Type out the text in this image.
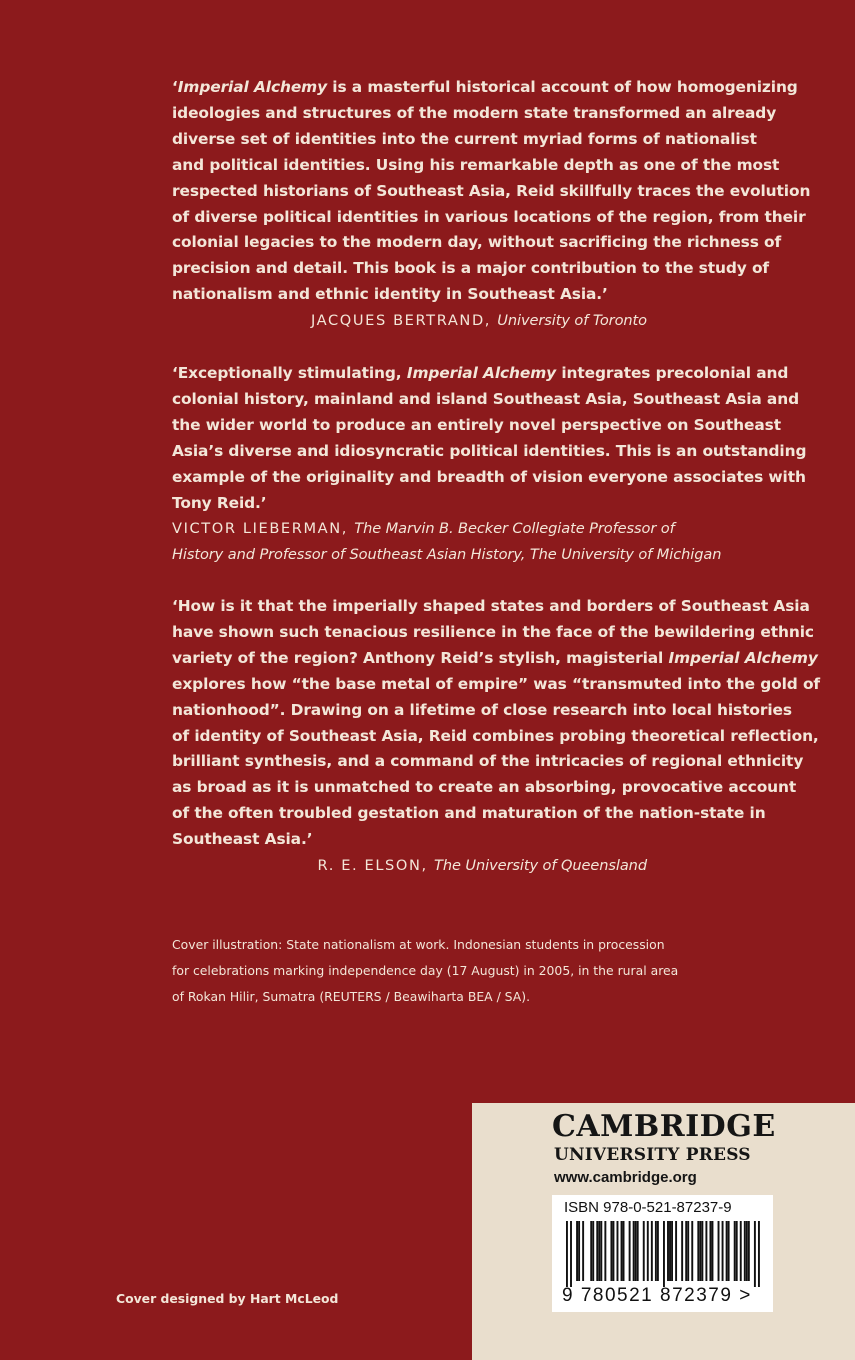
‘Imperial Alchemy is a masterful historical account of how homogenizing
ideologies and structures of the modern state transformed an already
diverse set of identities into the current myriad forms of nationalist
and political identities. Using his remarkable depth as one of the most
respected historians of Southeast Asia, Reid skillfully traces the evolution
of diverse political identities in various locations of the region, from their
colonial legacies to the modern day, without sacrificing the richness of
precision and detail. This book is a major contribution to the study of
nationalism and ethnic identity in Southeast Asia.’
JACQUES BERTRAND, University of Toronto
‘Exceptionally stimulating, Imperial Alchemy integrates precolonial and
colonial history, mainland and island Southeast Asia, Southeast Asia and
the wider world to produce an entirely novel perspective on Southeast
Asia’s diverse and idiosyncratic political identities. This is an outstanding
example of the originality and breadth of vision everyone associates with
Tony Reid.’
VICTOR LIEBERMAN, The Marvin B. Becker Collegiate Professor of
History and Professor of Southeast Asian History, The University of Michigan
‘How is it that the imperially shaped states and borders of Southeast Asia
have shown such tenacious resilience in the face of the bewildering ethnic
variety of the region? Anthony Reid’s stylish, magisterial Imperial Alchemy
explores how “the base metal of empire” was “transmuted into the gold of
nationhood”. Drawing on a lifetime of close research into local histories
of identity of Southeast Asia, Reid combines probing theoretical reflection,
brilliant synthesis, and a command of the intricacies of regional ethnicity
as broad as it is unmatched to create an absorbing, provocative account
of the often troubled gestation and maturation of the nation-state in
Southeast Asia.’
R. E. ELSON, The University of Queensland
Cover illustration: State nationalism at work. Indonesian students in procession
for celebrations marking independence day (17 August) in 2005, in the rural area
of Rokan Hilir, Sumatra (REUTERS / Beawiharta BEA / SA).
Cover designed by Hart McLeod
CAMBRIDGE
UNIVERSITY PRESS
www.cambridge.org
ISBN 978-0-521-87237-9
9 780521 872379 >
